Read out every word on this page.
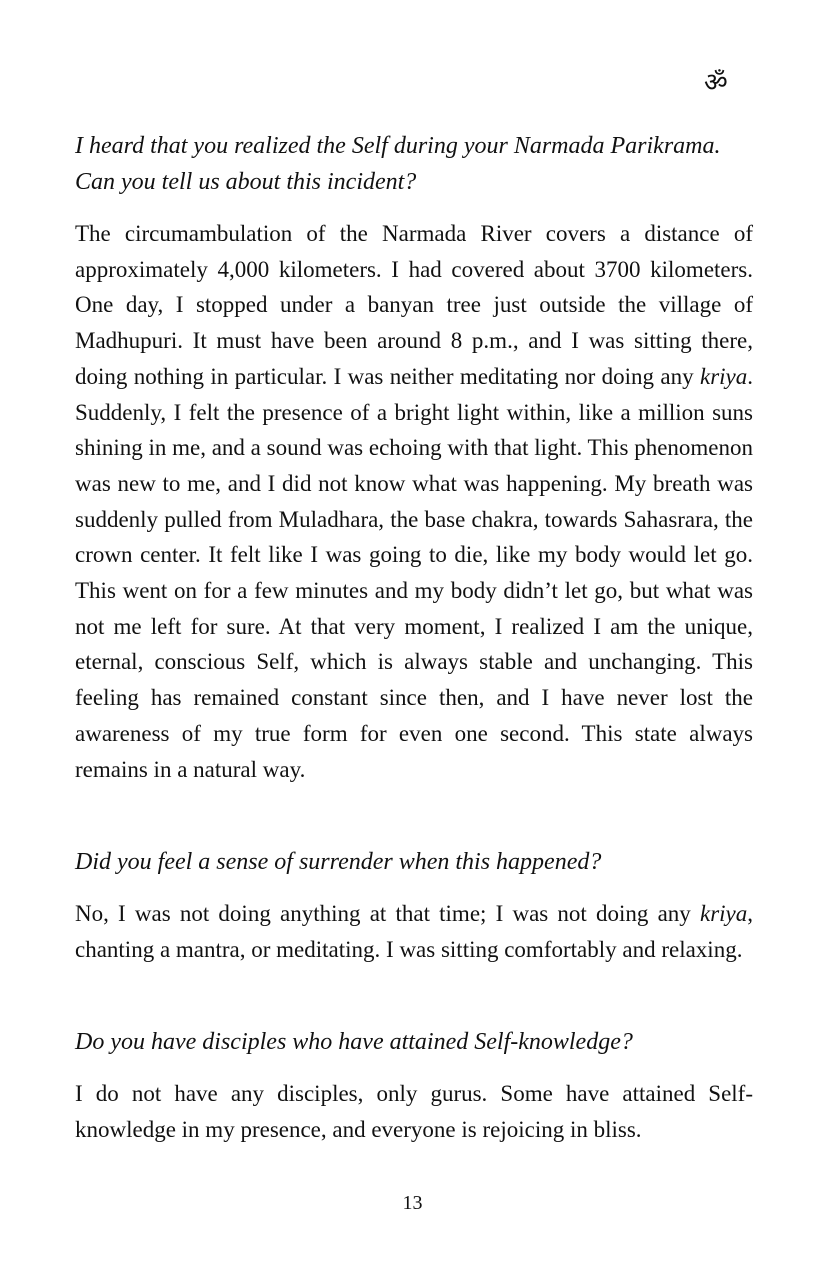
ॐ

I heard that you realized the Self during your Narmada Parikrama. Can you tell us about this incident?

The circumambulation of the Narmada River covers a distance of approximately 4,000 kilometers. I had covered about 3700 kilometers. One day, I stopped under a banyan tree just outside the village of Madhupuri. It must have been around 8 p.m., and I was sitting there, doing nothing in particular. I was neither meditating nor doing any kriya. Suddenly, I felt the presence of a bright light within, like a million suns shining in me, and a sound was echoing with that light. This phenomenon was new to me, and I did not know what was happening. My breath was suddenly pulled from Muladhara, the base chakra, towards Sahasrara, the crown center. It felt like I was going to die, like my body would let go. This went on for a few minutes and my body didn’t let go, but what was not me left for sure. At that very moment, I realized I am the unique, eternal, conscious Self, which is always stable and unchanging. This feeling has remained constant since then, and I have never lost the awareness of my true form for even one second. This state always remains in a natural way.

Did you feel a sense of surrender when this happened?

No, I was not doing anything at that time; I was not doing any kriya, chanting a mantra, or meditating. I was sitting comfortably and relaxing.

Do you have disciples who have attained Self-knowledge?

I do not have any disciples, only gurus. Some have attained Self-knowledge in my presence, and everyone is rejoicing in bliss.

13
